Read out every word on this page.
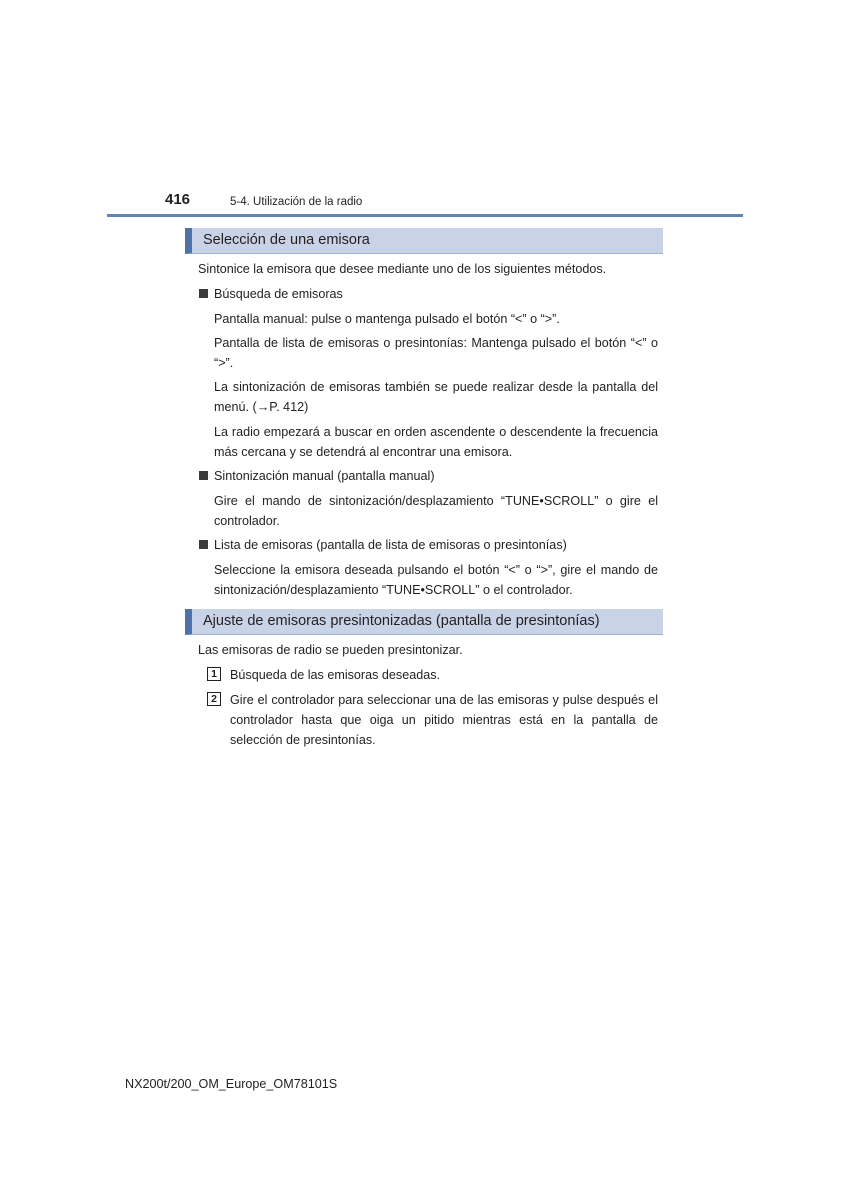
416	5-4. Utilización de la radio
Selección de una emisora
Sintonice la emisora que desee mediante uno de los siguientes métodos.
Búsqueda de emisoras
Pantalla manual: pulse o mantenga pulsado el botón “<” o “>”.
Pantalla de lista de emisoras o presintonías: Mantenga pulsado el botón “<” o “>”.
La sintonización de emisoras también se puede realizar desde la pantalla del menú. (→P. 412)
La radio empezará a buscar en orden ascendente o descendente la frecuencia más cercana y se detendrá al encontrar una emisora.
Sintonización manual (pantalla manual)
Gire el mando de sintonización/desplazamiento “TUNE•SCROLL” o gire el controlador.
Lista de emisoras (pantalla de lista de emisoras o presintonías)
Seleccione la emisora deseada pulsando el botón “<” o “>”, gire el mando de sintonización/desplazamiento “TUNE•SCROLL” o el controlador.
Ajuste de emisoras presintonizadas (pantalla de presintonías)
Las emisoras de radio se pueden presintonizar.
1	Búsqueda de las emisoras deseadas.
2	Gire el controlador para seleccionar una de las emisoras y pulse después el controlador hasta que oiga un pitido mientras está en la pantalla de selección de presintonías.
NX200t/200_OM_Europe_OM78101S
